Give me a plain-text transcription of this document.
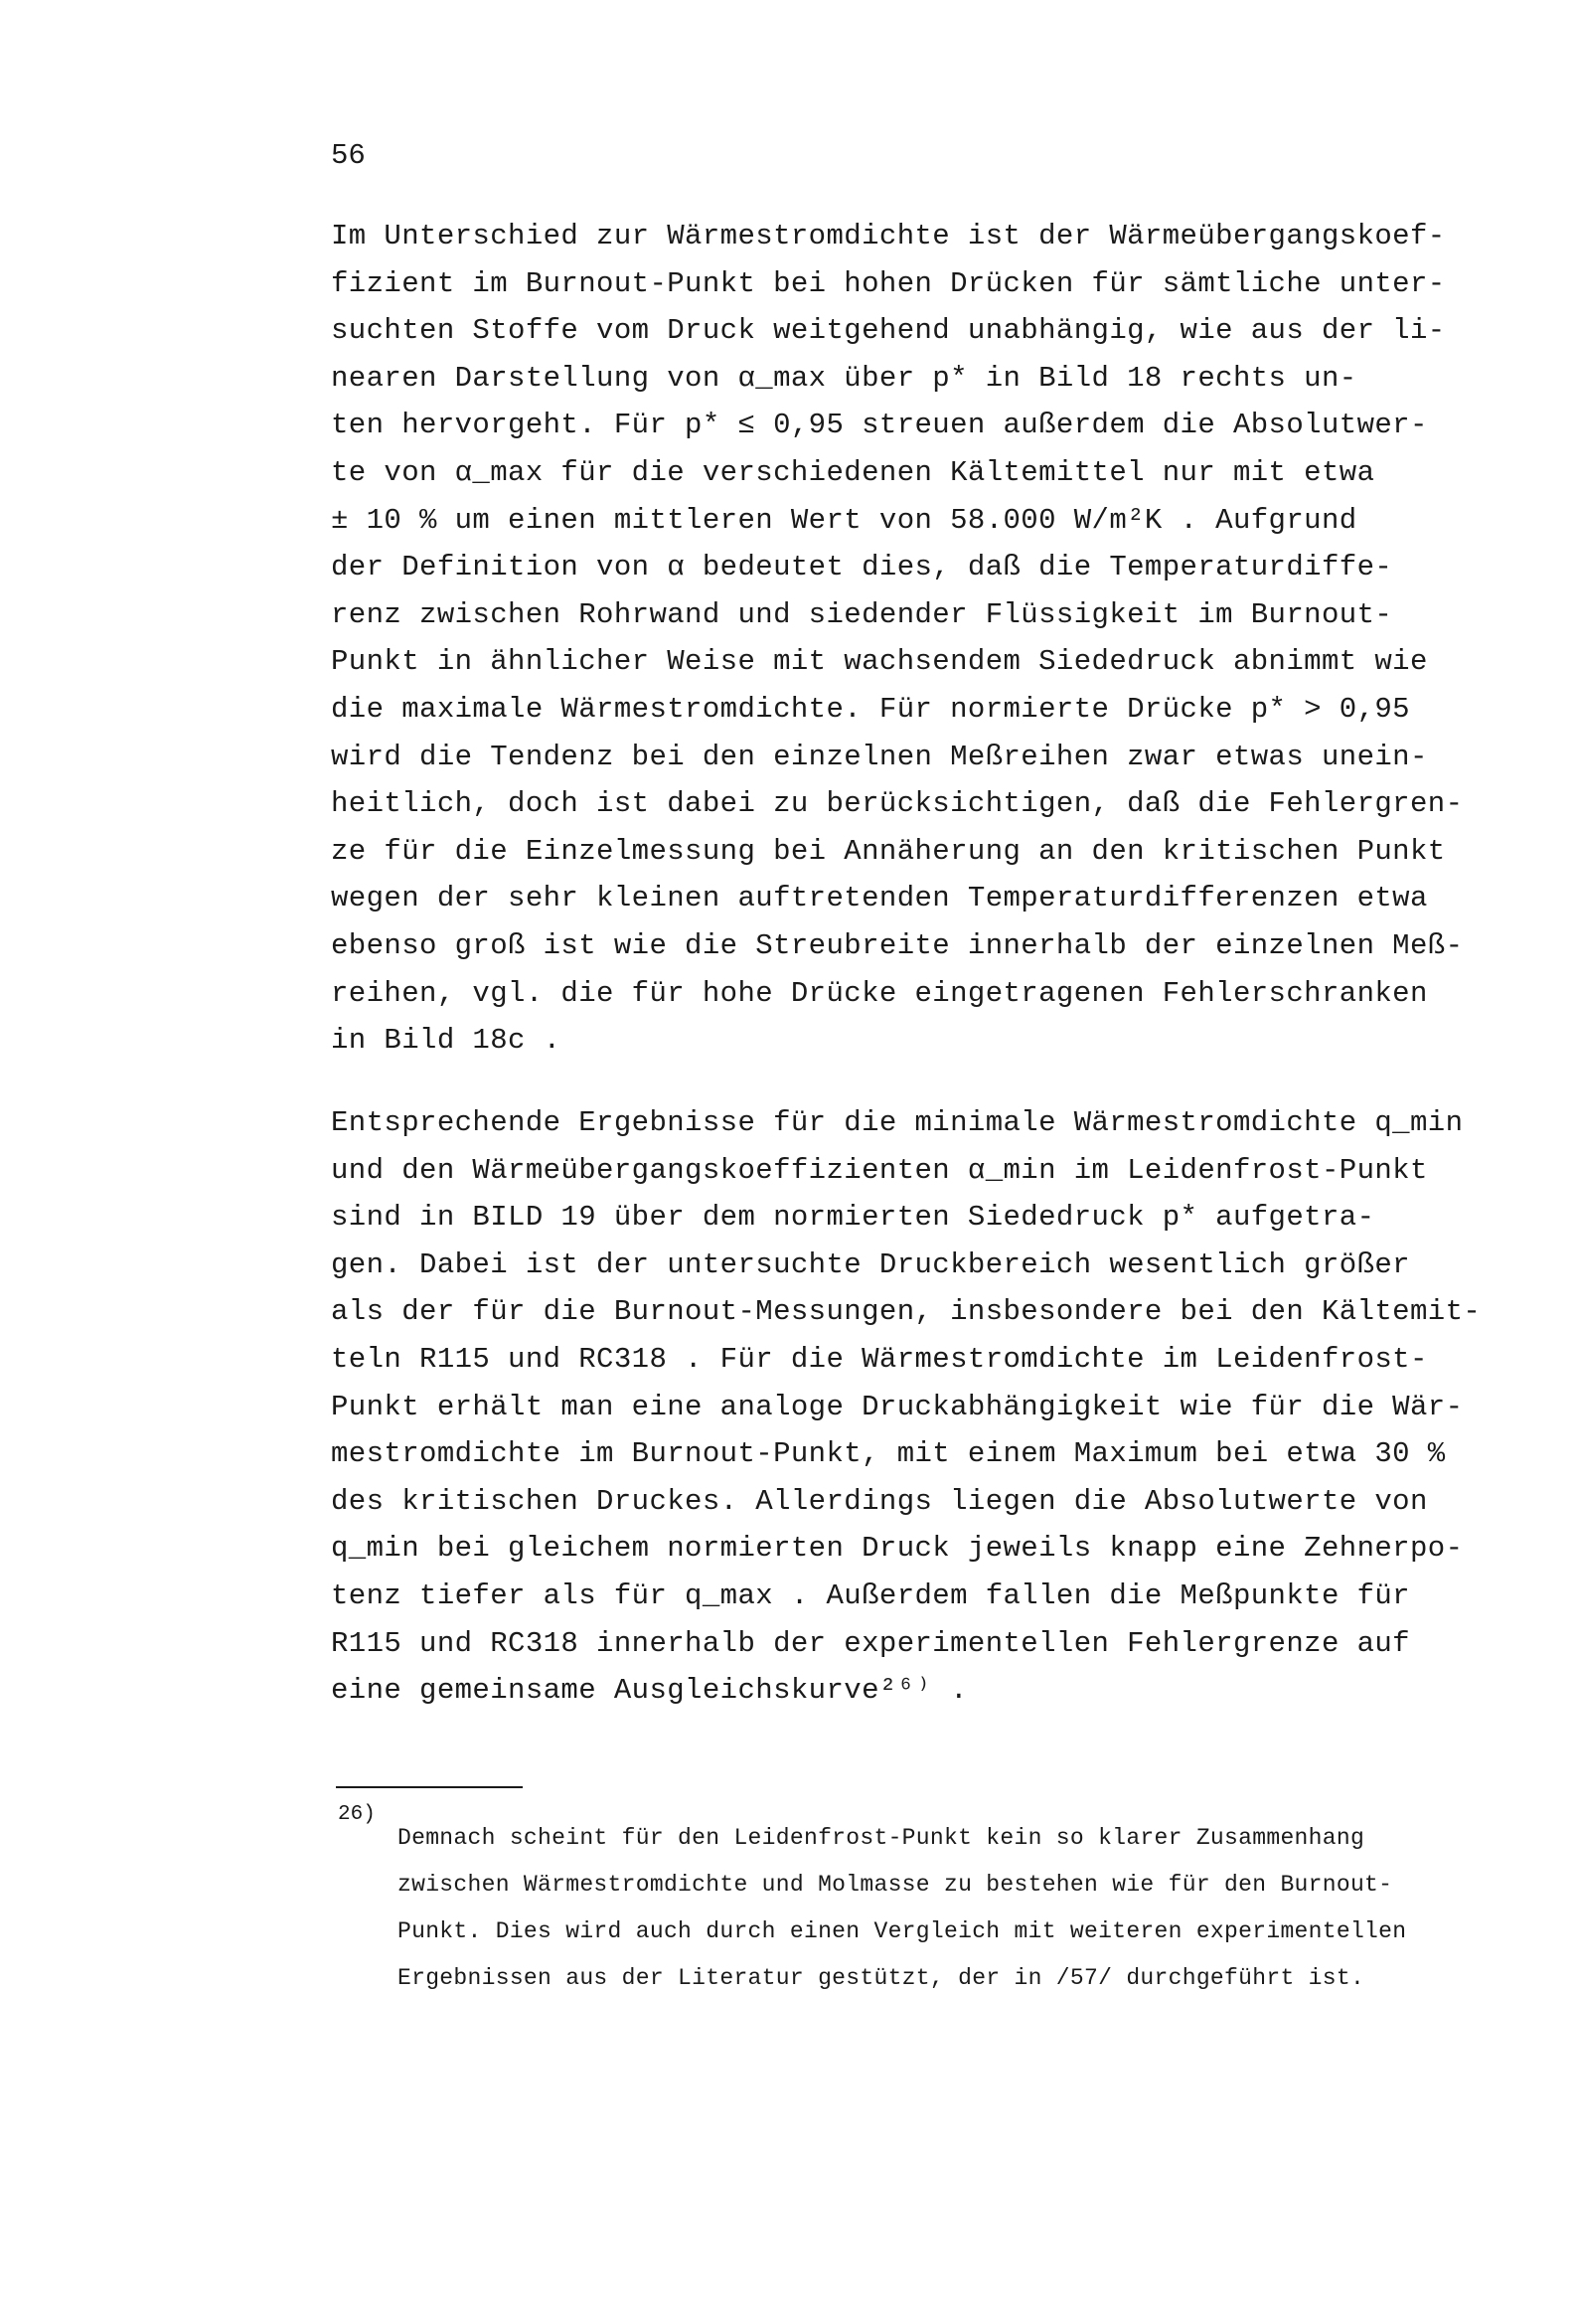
56
Im Unterschied zur Wärmestromdichte ist der Wärmeübergangskoef-
fizient im Burnout-Punkt bei hohen Drücken für sämtliche unter-
suchten Stoffe vom Druck weitgehend unabhängig, wie aus der li-
nearen Darstellung von α_max über p* in Bild 18 rechts un-
ten hervorgeht. Für p* ≤ 0,95 streuen außerdem die Absolutwer-
te von α_max für die verschiedenen Kältemittel nur mit etwa
± 10 % um einen mittleren Wert von 58.000 W/m²K . Aufgrund
der Definition von α bedeutet dies, daß die Temperaturdiffe-
renz zwischen Rohrwand und siedender Flüssigkeit im Burnout-
Punkt in ähnlicher Weise mit wachsendem Siededruck abnimmt wie
die maximale Wärmestromdichte. Für normierte Drücke p* > 0,95
wird die Tendenz bei den einzelnen Meßreihen zwar etwas unein-
heitlich, doch ist dabei zu berücksichtigen, daß die Fehlergren-
ze für die Einzelmessung bei Annäherung an den kritischen Punkt
wegen der sehr kleinen auftretenden Temperaturdifferenzen etwa
ebenso groß ist wie die Streubreite innerhalb der einzelnen Meß-
reihen, vgl. die für hohe Drücke eingetragenen Fehlerschranken
in Bild 18c .
Entsprechende Ergebnisse für die minimale Wärmestromdichte q_min
und den Wärmeübergangskoeffizienten α_min im Leidenfrost-Punkt
sind in BILD 19 über dem normierten Siededruck p* aufgetra-
gen. Dabei ist der untersuchte Druckbereich wesentlich größer
als der für die Burnout-Messungen, insbesondere bei den Kältemit-
teln R115 und RC318 . Für die Wärmestromdichte im Leidenfrost-
Punkt erhält man eine analoge Druckabhängigkeit wie für die Wär-
mestromdichte im Burnout-Punkt, mit einem Maximum bei etwa 30 %
des kritischen Druckes. Allerdings liegen die Absolutwerte von
q_min bei gleichem normierten Druck jeweils knapp eine Zehnerpo-
tenz tiefer als für q_max . Außerdem fallen die Meßpunkte für
R115 und RC318 innerhalb der experimentellen Fehlergrenze auf
eine gemeinsame Ausgleichskurve²⁶⁾ .
26)
Demnach scheint für den Leidenfrost-Punkt kein so klarer Zusammenhang
zwischen Wärmestromdichte und Molmasse zu bestehen wie für den Burnout-
Punkt. Dies wird auch durch einen Vergleich mit weiteren experimentellen
Ergebnissen aus der Literatur gestützt, der in /57/ durchgeführt ist.
